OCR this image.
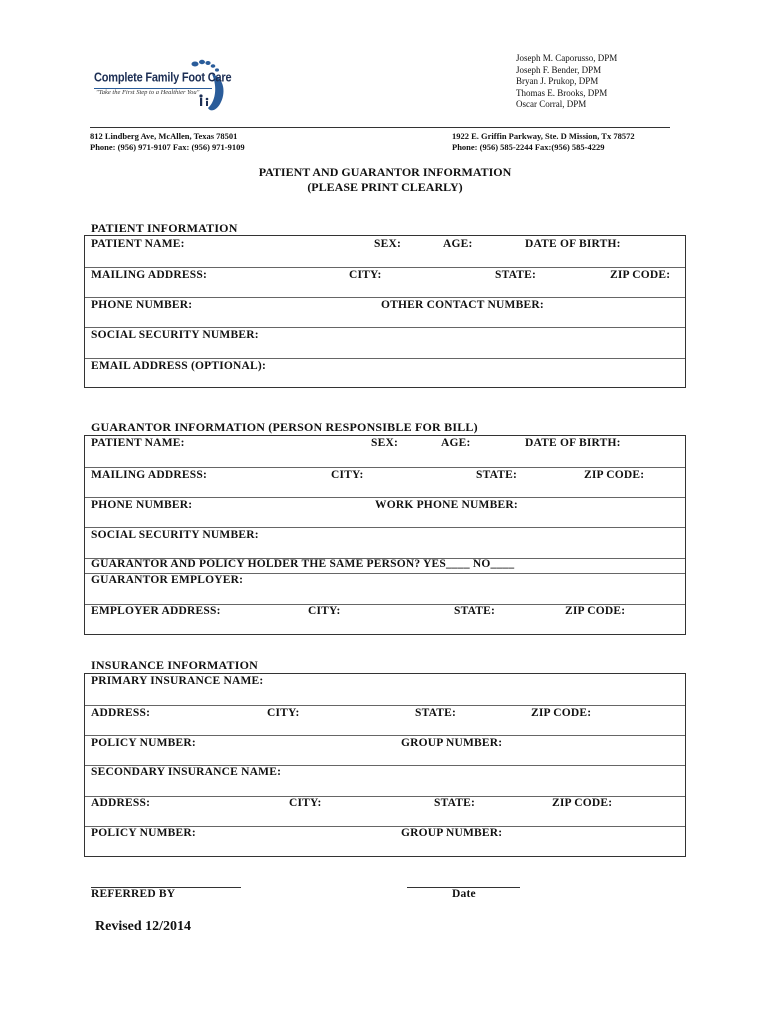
Complete Family Foot Care
"Take the First Step to a Healthier You"
Joseph M. Caporusso, DPM
Joseph F. Bender, DPM
Bryan J. Prukop, DPM
Thomas E. Brooks, DPM
Oscar Corral, DPM
812 Lindberg Ave, McAllen, Texas 78501
Phone: (956) 971-9107 Fax: (956) 971-9109
1922 E. Griffin Parkway, Ste. D Mission, Tx 78572
Phone: (956) 585-2244 Fax:(956) 585-4229
PATIENT AND GUARANTOR INFORMATION
(PLEASE PRINT CLEARLY)
PATIENT INFORMATION
PATIENT NAME:	SEX:	AGE:	DATE OF BIRTH:
MAILING ADDRESS:	CITY:	STATE:	ZIP CODE:
PHONE NUMBER:	OTHER CONTACT NUMBER:
SOCIAL SECURITY NUMBER:
EMAIL ADDRESS (OPTIONAL):
GUARANTOR INFORMATION (PERSON RESPONSIBLE FOR BILL)
PATIENT NAME:	SEX:	AGE:	DATE OF BIRTH:
MAILING ADDRESS:	CITY:	STATE:	ZIP CODE:
PHONE NUMBER:	WORK PHONE NUMBER:
SOCIAL SECURITY NUMBER:
GUARANTOR AND POLICY HOLDER THE SAME PERSON? YES____ NO____
GUARANTOR EMPLOYER:
EMPLOYER ADDRESS:	CITY:	STATE:	ZIP CODE:
INSURANCE INFORMATION
PRIMARY INSURANCE NAME:
ADDRESS:	CITY:	STATE:	ZIP CODE:
POLICY NUMBER:	GROUP NUMBER:
SECONDARY INSURANCE NAME:
ADDRESS:	CITY:	STATE:	ZIP CODE:
POLICY NUMBER:	GROUP NUMBER:
REFERRED BY	Date
Revised 12/2014
